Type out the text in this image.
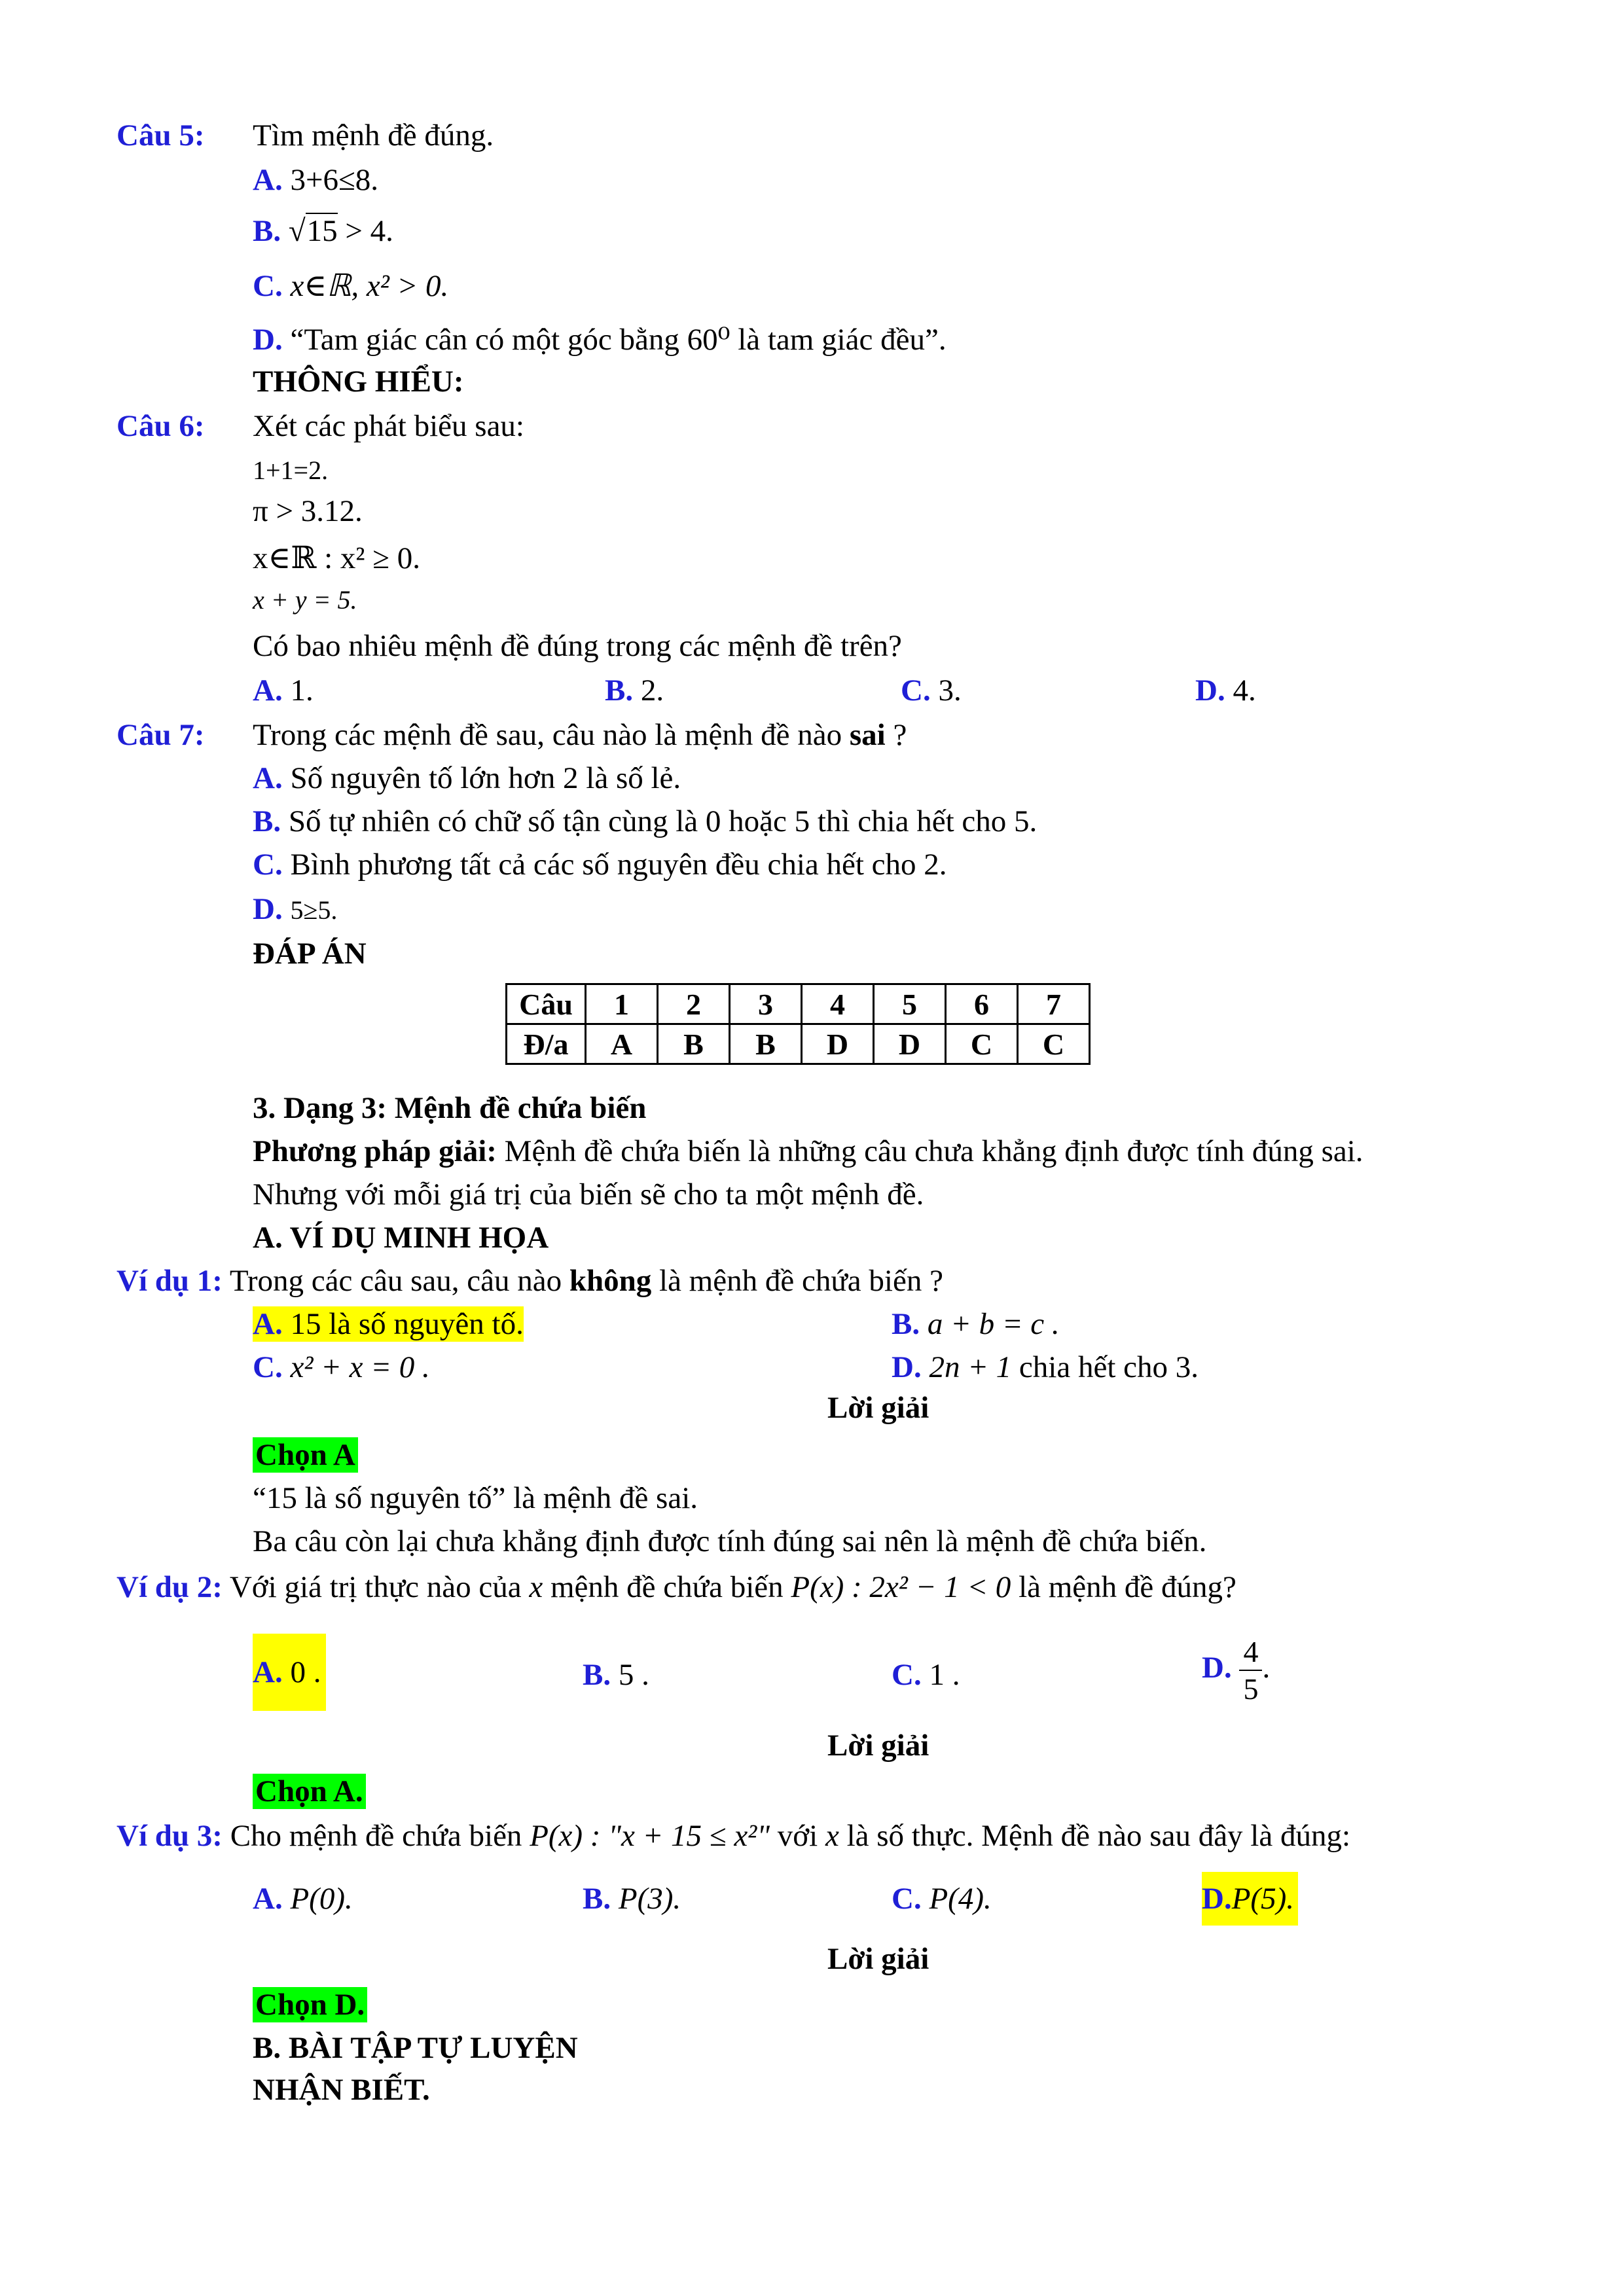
Câu 5: Tìm mệnh đề đúng.
A. 3+6≤8.
B. √15 > 4.
C. x∈ℝ, x² > 0.
D. “Tam giác cân có một góc bằng 60⁰ là tam giác đều”.
THÔNG HIỂU:
Câu 6: Xét các phát biểu sau:
1+1=2.
π > 3.12.
x∈ℝ : x² ≥ 0.
x + y = 5.
Có bao nhiêu mệnh đề đúng trong các mệnh đề trên?
A. 1.	B. 2.	C. 3.	D. 4.
Câu 7: Trong các mệnh đề sau, câu nào là mệnh đề nào sai ?
A. Số nguyên tố lớn hơn 2 là số lẻ.
B. Số tự nhiên có chữ số tận cùng là 0 hoặc 5 thì chia hết cho 5.
C. Bình phương tất cả các số nguyên đều chia hết cho 2.
D. 5≥5.
ĐÁP ÁN
Câu	1	2	3	4	5	6	7
Đ/a	A	B	B	D	D	C	C
3. Dạng 3: Mệnh đề chứa biến
Phương pháp giải: Mệnh đề chứa biến là những câu chưa khẳng định được tính đúng sai.
Nhưng với mỗi giá trị của biến sẽ cho ta một mệnh đề.
A. VÍ DỤ MINH HỌA
Ví dụ 1: Trong các câu sau, câu nào không là mệnh đề chứa biến ?
A. 15 là số nguyên tố.	B. a + b = c .
C. x² + x = 0 .	D. 2n + 1 chia hết cho 3.
Lời giải
Chọn A
“15 là số nguyên tố” là mệnh đề sai.
Ba câu còn lại chưa khẳng định được tính đúng sai nên là mệnh đề chứa biến.
Ví dụ 2: Với giá trị thực nào của x mệnh đề chứa biến P(x) : 2x² − 1 < 0 là mệnh đề đúng?
A. 0 .	B. 5 .	C. 1 .	D. $\frac{4}{5}$ .
Lời giải
Chọn A.
Ví dụ 3: Cho mệnh đề chứa biến P(x) : "x + 15 ≤ x²" với x là số thực. Mệnh đề nào sau đây là đúng:
A. P(0).	B. P(3).	C. P(4).	D.P(5).
Lời giải
Chọn D.
B. BÀI TẬP TỰ LUYỆN
NHẬN BIẾT.
